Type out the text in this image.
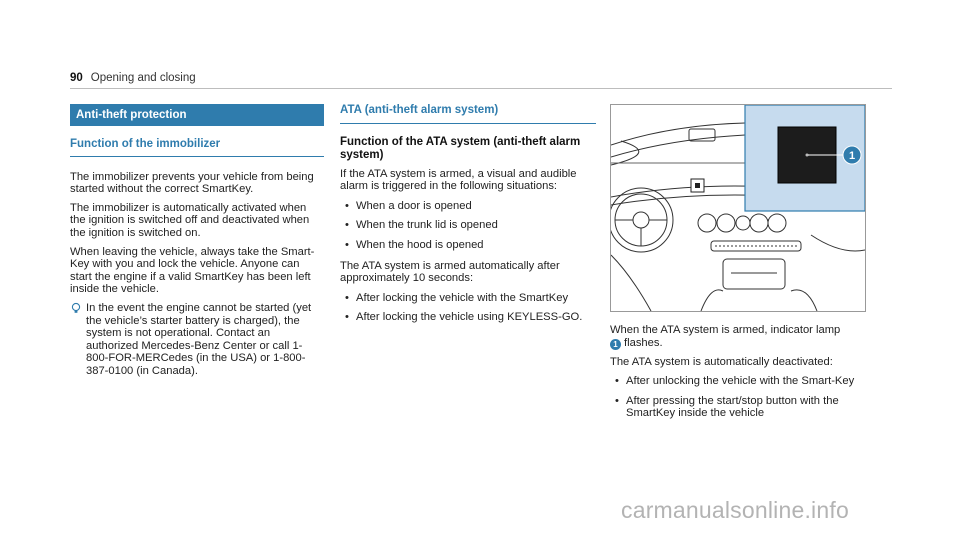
90 Opening and closing
Anti-theft protection
Function of the immobilizer

The immobilizer prevents your vehicle from being started without the correct SmartKey.

The immobilizer is automatically activated when the ignition is switched off and deactivated when the ignition is switched on.

When leaving the vehicle, always take the Smart-Key with you and lock the vehicle. Anyone can start the engine if a valid SmartKey has been left inside the vehicle.

In the event the engine cannot be started (yet the vehicle’s starter battery is charged), the system is not operational. Contact an authorized Mercedes-Benz Center or call 1-800-FOR-MERCedes (in the USA) or 1-800-387-0100 (in Canada).
ATA (anti-theft alarm system)
Function of the ATA system (anti-theft alarm system)

If the ATA system is armed, a visual and audible alarm is triggered in the following situations:

• When a door is opened
• When the trunk lid is opened
• When the hood is opened

The ATA system is armed automatically after approximately 10 seconds:

• After locking the vehicle with the SmartKey
• After locking the vehicle using KEYLESS-GO.
1

When the ATA system is armed, indicator lamp
1 flashes.

The ATA system is automatically deactivated:

• After unlocking the vehicle with the Smart-Key
• After pressing the start/stop button with the SmartKey inside the vehicle
carmanualsonline.info
